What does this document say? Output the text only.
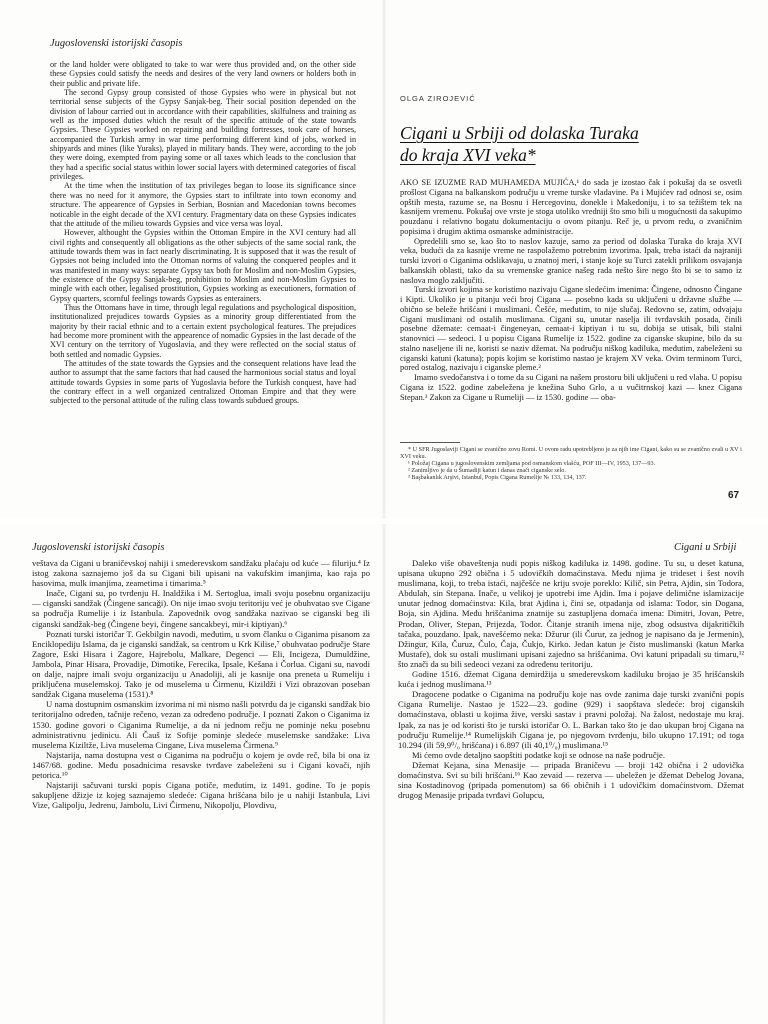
Jugoslovenski istorijski časopis

or the land holder were obligated to take to war were thus provided and, on the other side these Gypsies could satisfy the needs and desires of the very land owners or holders both in their public and private life.

The second Gypsy group consisted of those Gypsies who were in physical but not territorial sense subjects of the Gypsy Sanjak-beg. Their social position depended on the division of labour carried out in accordance with their capabilities, skilfulness and training as well as the imposed duties which the result of the specific attitude of the state towards Gypsies. These Gypsies worked on repairing and building fortresses, took care of horses, accompanied the Turkish army in war time performing different kind of jobs, worked in shipyards and mines (like Yuraks), played in military bands. They were, according to the job they were doing, exempted from paying some or all taxes which leads to the conclusion that they had a specific social status within lower social layers with determined categories of fiscal privileges.

At the time when the institution of tax privileges began to loose its significance since there was no need for it anymore, the Gypsies start to infiltrate into town economy and structure. The appearence of Gypsies in Serbian, Bosnian and Macedonian towns becomes noticable in the eight decade of the XVI century. Fragmentary data on these Gypsies indicates that the attitude of the milieu towards Gypsies and vice versa was loyal.

However, althought the Gypsies within the Ottoman Empire in the XVI century had all civil rights and consequently all obligations as the other subjects of the same social rank, the attitude towards them was in fact nearly discriminating. It is supposed that it was the result of Gypsies not being included into the Ottoman norms of valuing the conquered peoples and it was manifested in many ways: separate Gypsy tax both for Moslim and non-Moslim Gypsies, the existence of the Gypsy Sanjak-beg, prohibition to Moslim and non-Moslim Gypsies to mingle with each other, legalised prostitution, Gypsies working as executioners, formation of Gypsy quarters, scornful feelings towards Gypsies as enterainers.

Thus the Ottomans have in time, through legal regulations and psychological disposition, institutionalized prejudices towards Gypsies as a minority group differentiated from the majority by their racial ethnic and to a certain extent psychological features. The prejudices had become more prominent with the appearence of nomadic Gypsies in the last decade of the XVI century on the territory of Yugoslavia, and they were reflected on the social status of both settled and nomadic Gypsies.

The attitudes of the state towards the Gypsies and the consequent relations have lead the author to assumpt that the same factors that had caused the harmonious social status and loyal attitude towards Gypsies in some parts of Yugoslavia before the Turkish conquest, have had the contrary effect in a well organized centralized Ottoman Empire and that they were subjected to the personal attitude of the ruling class towards subdued groups.

OLGA ZIROJEVIĆ
Cigani u Srbiji od dolaska Turaka
do kraja XVI veka*

AKO SE IZUZME RAD MUHAMEDA MUJIĆA,¹ do sada je izostao čak i pokušaj da se osvetli prošlost Cigana na balkanskom području u vreme turske vladavine. Pa i Mujićev rad odnosi se, osim opštih mesta, razume se, na Bosnu i Hercegovinu, donekle i Makedoniju, i to sa težištem tek na kasnijem vremenu. Pokušaj ove vrste je stoga utoliko vredniji što smo bili u mogućnosti da sakupimo pouzdanu i relativno bogatu dokumentaciju o ovom pitanju. Reč je, u prvom redu, o zvaničnim popisima i drugim aktima osmanske administracije.

Opredelili smo se, kao što to naslov kazuje, samo za period od dolaska Turaka do kraja XVI veka, budući da za kasnije vreme ne raspolažemo potrebnim izvorima. Ipak, treba istaći da najraniji turski izvori o Ciganima odslikavaju, u znatnoj meri, i stanje koje su Turci zatekli prilikom osvajanja balkanskih oblasti, tako da su vremenske granice našeg rada nešto šire nego što bi se to samo iz naslova moglo zaključiti.

Turski izvori kojima se koristimo nazivaju Cigane sledećim imenima: Čingene, odnosno Čingane i Kipti. Ukoliko je u pitanju veći broj Cigana — posebno kada su uključeni u državne službe — obično se beleže hrišćani i muslimani. Češće, međutim, to nije slučaj. Redovno se, zatim, odvajaju Cigani muslimani od ostalih muslimana. Cigani su, unutar naselja ili tvrđavskih posada, činili posebne džemate: cemaat-i čingeneyan, cemaat-i kiptiyan i tu su, dobija se utisak, bili stalni stanovnici — sedeoci. I u popisu Cigana Rumelije iz 1522. godine za ciganske skupine, bilo da su stalno naseljene ili ne, koristi se naziv džemat. Na području niškog kadiluka, međutim, zabeleženi su ciganski katuni (katuna); popis kojim se koristimo nastao je krajem XV veka. Ovim terminom Turci, pored ostalog, nazivaju i ciganske pleme.²

Imamo svedočanstva i o tome da su Cigani na našem prostoru bili uključeni u red vlaha. U popisu Cigana iz 1522. godine zabeležena je knežina Suho Grlo, a u vučitrnskoj kazi — knez Cigana Stepan.³ Zakon za Cigane u Rumeliji — iz 1530. godine — oba-

* U SFR Jugoslaviji Cigani se zvanično zovu Romi. U ovom radu upotrebljeno je za njih ime Cigani, kako su se zvanično zvali u XV i XVI veku.
¹ Položaj Cigana u jugoslovenskim zemljama pod osmanskom vlašću, POF III—IV, 1953, 137—93.
² Zanimljivo je da u Šumadiji katun i danas znači ciganske selo.
³ Başbakanlık Arşivi, Istanbul, Popis Cigana Rumelije № 133, 134, 137.
67
Jugoslovenski istorijski časopis

veštava da Cigani u braničevskoj nahiji i smederevskom sandžaku plaćaju od kuće — filuriju.⁴ Iz istog zakona saznajemo još da su Cigani bili upisani na vakufskim imanjima, kao raja po hasovima, mulk imanjima, zeametima i timarima.⁵

Inače, Cigani su, po tvrđenju H. Inaldžika i M. Sertogluа, imali svoju posebnu organizaciju — ciganski sandžak (Čingene sancaği). On nije imao svoju teritoriju već je obuhvatao sve Cigane sa područja Rumelije i iz Istanbula. Zapovednik ovog sandžaka nazivao se ciganski beg ili ciganski sandžak-beg (Čingene beyi, čingene sancakbeyi, mir-i kiptiyan).⁶

Poznati turski istoričar T. Gekbilgin navodi, međutim, u svom članku o Ciganima pisanom za Enciklopediju Islama, da je ciganski sandžak, sa centrom u Krk Kilise,⁷ obuhvatao područje Stare Zagore, Eski Hisara i Zagore, Hajrebolu, Malkare, Degenci — Eli, Incigeza, Dumuldžine, Jambola, Pinar Hisara, Provadije, Dimotike, Ferecika, Ipsale, Kešana i Čorlua. Cigani su, navodi on dalje, najpre imali svoju organizaciju u Anadoliji, ali je kasnije ona preneta u Rumeliju i priključena muselemskoj. Tako je od muselema u Čirmenu, Kizildži i Vizi obrazovan poseban sandžak Cigana muselema (1531).⁸

U nama dostupnim osmanskim izvorima ni mi nismo našli potvrdu da je ciganski sandžak bio teritorijalno određen, tačnije rečeno, vezan za određeno područje. I poznati Zakon o Ciganima iz 1530. godine govori o Ciganima Rumelije, a da ni jednom rečju ne pominje neku posebnu administrativnu jedinicu. Ali Čauš iz Sofije pominje sledeće muselemske sandžake: Liva muselema Kiziltže, Liva muselema Cingane, Liva muselema Čirmena.⁹

Najstarija, nama dostupna vest o Ciganima na području o kojem je ovde reč, bila bi ona iz 1467/68. godine. Među posadnicima resavske tvrđave zabeleženi su i Cigani kovači, njih petorica.¹⁰

Najstariji sačuvani turski popis Cigana potiče, međutim, iz 1491. godine. To je popis sakupljene džizje iz kojeg saznajemo sledeće: Cigana hrišćana bilo je u nahiji Istanbula, Livi Vize, Galipolju, Jedrenu, Jambolu, Livi Čirmenu, Nikopolju, Plovdivu,

Cigani u Srbiji

Daleko više obaveštenja nudi popis niškog kadiluka iz 1498. godine. Tu su, u deset katuna, upisana ukupno 292 obična i 5 udovičkih domaćinstava. Među njima je trideset i šest novih muslimana, koji, to treba istaći, najčešće ne kriju svoje poreklo: Kilič, sin Petra, Ajdin, sin Todora, Abdulah, sin Stepana. Inače, u velikoj je upotrebi ime Ajdin. Ima i pojave delimične islamizacije unutar jednog domaćinstva: Kila, brat Ajdina i, čini se, otpadanja od islama: Todor, sin Dogana, Boja, sin Ajdina. Među hrišćanima znatnije su zastupljena domaća imena: Dimitri, Jovan, Petre, Prodan, Oliver, Stepan, Prijezda, Todor. Čitanje stranih imena nije, zbog odsustva dijakritičkih tačaka, pouzdano. Ipak, navešćemo neka: Džurur (ili Čurur, za jednog je napisano da je Jermenin), Džingur, Kila, Čuruz, Čulo, Čaja, Čukjo, Kirko. Jedan katun je čisto muslimanski (katun Marka Mustafe), dok su ostali muslimani upisani zajedno sa hrišćanima. Ovi katuni pripadali su timaru,¹² što znači da su bili sedeoci vezani za određenu teritoriju.

Godine 1516. džemat Cigana demirdžija u smederevskom kadiluku brojao je 35 hrišćanskih kuća i jednog muslimana.¹³

Dragocene podatke o Ciganima na području koje nas ovde zanima daje turski zvanični popis Cigana Rumelije. Nastao je 1522—23. godine (929) i saopštava sledeće: broj ciganskih domaćinstava, oblasti u kojima žive, verski sastav i pravni položaj. Na žalost, nedostaje mu kraj. Ipak, za nas je od koristi što je turski istoričar O. L. Barkan tako što je dao ukupan broj Cigana na području Rumelije.¹⁴ Rumelijskih Cigana je, po njegovom tvrđenju, bilo ukupno 17.191; od toga 10.294 (ili 59,9⁰/₀ hrišćana) i 6.897 (ili 40,1⁰/₀) muslimana.¹⁵

Mi ćemo ovde detaljno saopštiti podatke koji se odnose na naše područje.

Džemat Kejana, sina Menasije — pripada Braničevu — broji 142 obična i 2 udovička domaćinstva. Svi su bili hrišćani.¹⁶ Kao zevaid — rezerva — ubeležen je džemat Debelog Jovana, sina Kostadinovog (pripada pomenutom) sa 66 običnih i 1 udovičkim domaćinstvom. Džemat drugog Menasije pripada tvrđavi Golupcu,
